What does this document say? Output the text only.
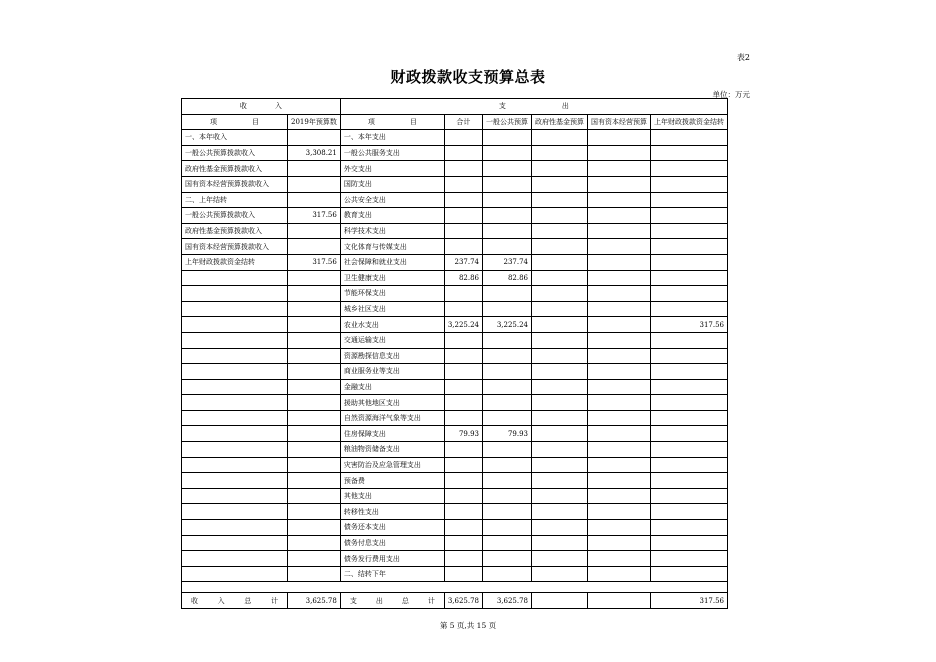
表2
财政拨款收支预算总表
单位：万元
收　　　　入		支　　　　　　　　出					
项　　　　　目	2019年预算数	项　　　　　目	合计	一般公共预算	政府性基金预算	国有资本经营预算	上年财政拨款资金结转
一、本年收入		一、本年支出					
一般公共预算拨款收入	3,308.21	一般公共服务支出					
政府性基金预算拨款收入		外交支出					
国有资本经营预算拨款收入		国防支出					
二、上年结转		公共安全支出					
一般公共预算拨款收入	317.56	教育支出					
政府性基金预算拨款收入		科学技术支出					
国有资本经营预算拨款收入		文化体育与传媒支出					
上年财政拨款资金结转	317.56	社会保障和就业支出	237.74	237.74			
		卫生健康支出	82.86	82.86			
		节能环保支出					
		城乡社区支出					
		农业水支出	3,225.24	3,225.24			317.56
		交通运输支出					
		资源勘探信息支出					
		商业服务业等支出					
		金融支出					
		援助其他地区支出					
		自然资源海洋气象等支出					
		住房保障支出	79.93	79.93			
		粮油物资储备支出					
		灾害防治及应急管理支出					
		预备费					
		其他支出					
		转移性支出					
		债务还本支出					
		债务付息支出					
		债务发行费用支出					
		二、结转下年					

收 入 总 计	3,625.78	支 出 总 计	3,625.78	3,625.78			317.56
第 5 页,共 15 页
